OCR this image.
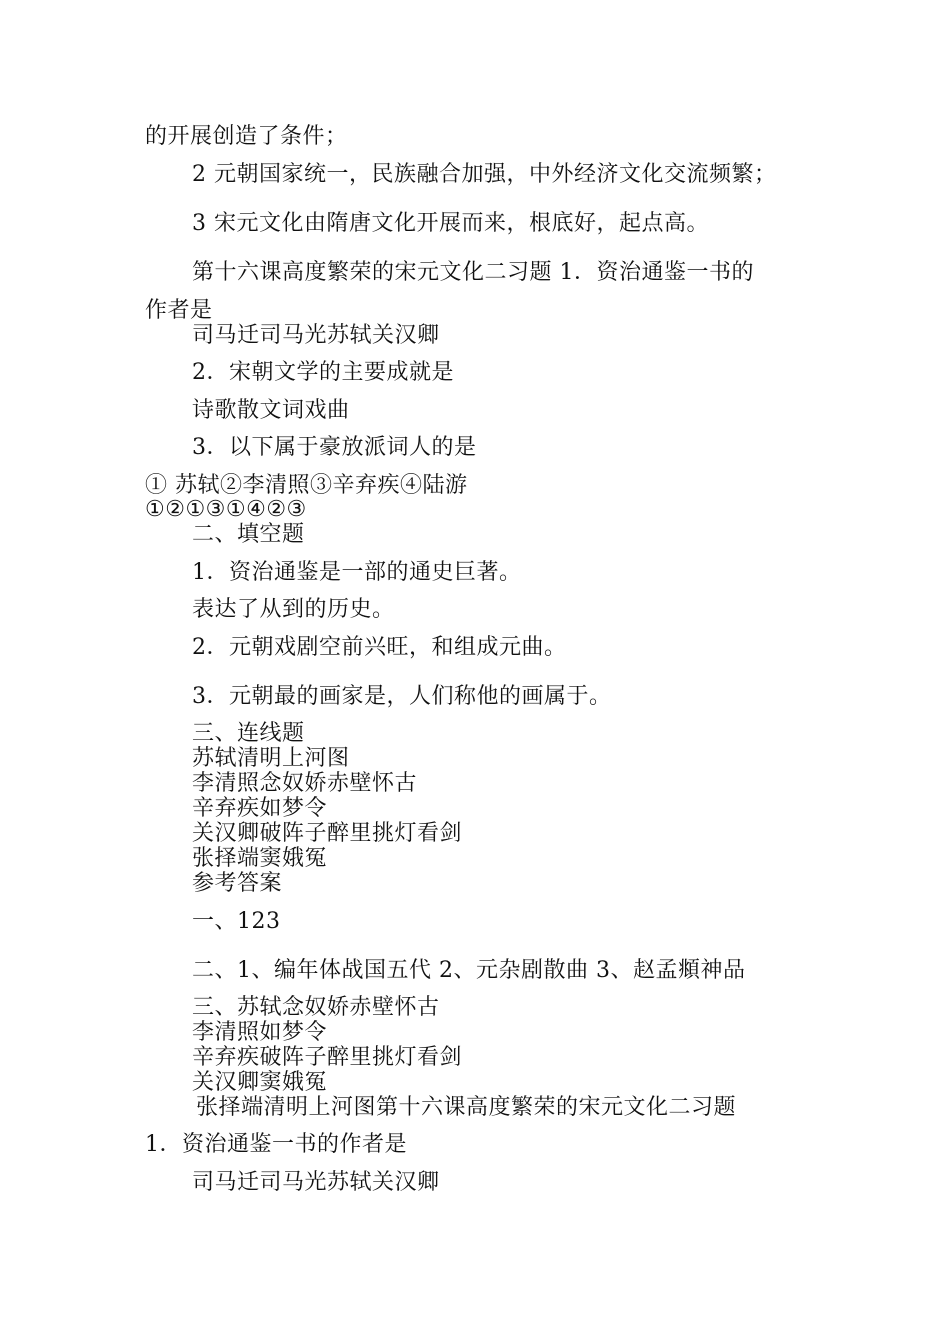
的开展创造了条件；
2 元朝国家统一，民族融合加强，中外经济文化交流频繁；
3 宋元文化由隋唐文化开展而来，根底好，起点高。
第十六课高度繁荣的宋元文化二习题 1．资治通鉴一书的
作者是
司马迁司马光苏轼关汉卿
2．宋朝文学的主要成就是
诗歌散文词戏曲
3．以下属于豪放派词人的是
① 苏轼②李清照③辛弃疾④陆游
①②①③①④②③
二、填空题
1．资治通鉴是一部的通史巨著。
表达了从到的历史。
2．元朝戏剧空前兴旺，和组成元曲。
3．元朝最的画家是，人们称他的画属于。
三、连线题
苏轼清明上河图
李清照念奴娇赤壁怀古
辛弃疾如梦令
关汉卿破阵子醉里挑灯看剑
张择端窦娥冤
参考答案
一、123
二、1、编年体战国五代 2、元杂剧散曲 3、赵孟頫神品
三、苏轼念奴娇赤壁怀古
李清照如梦令
辛弃疾破阵子醉里挑灯看剑
关汉卿窦娥冤
张择端清明上河图第十六课高度繁荣的宋元文化二习题
1．资治通鉴一书的作者是
司马迁司马光苏轼关汉卿
